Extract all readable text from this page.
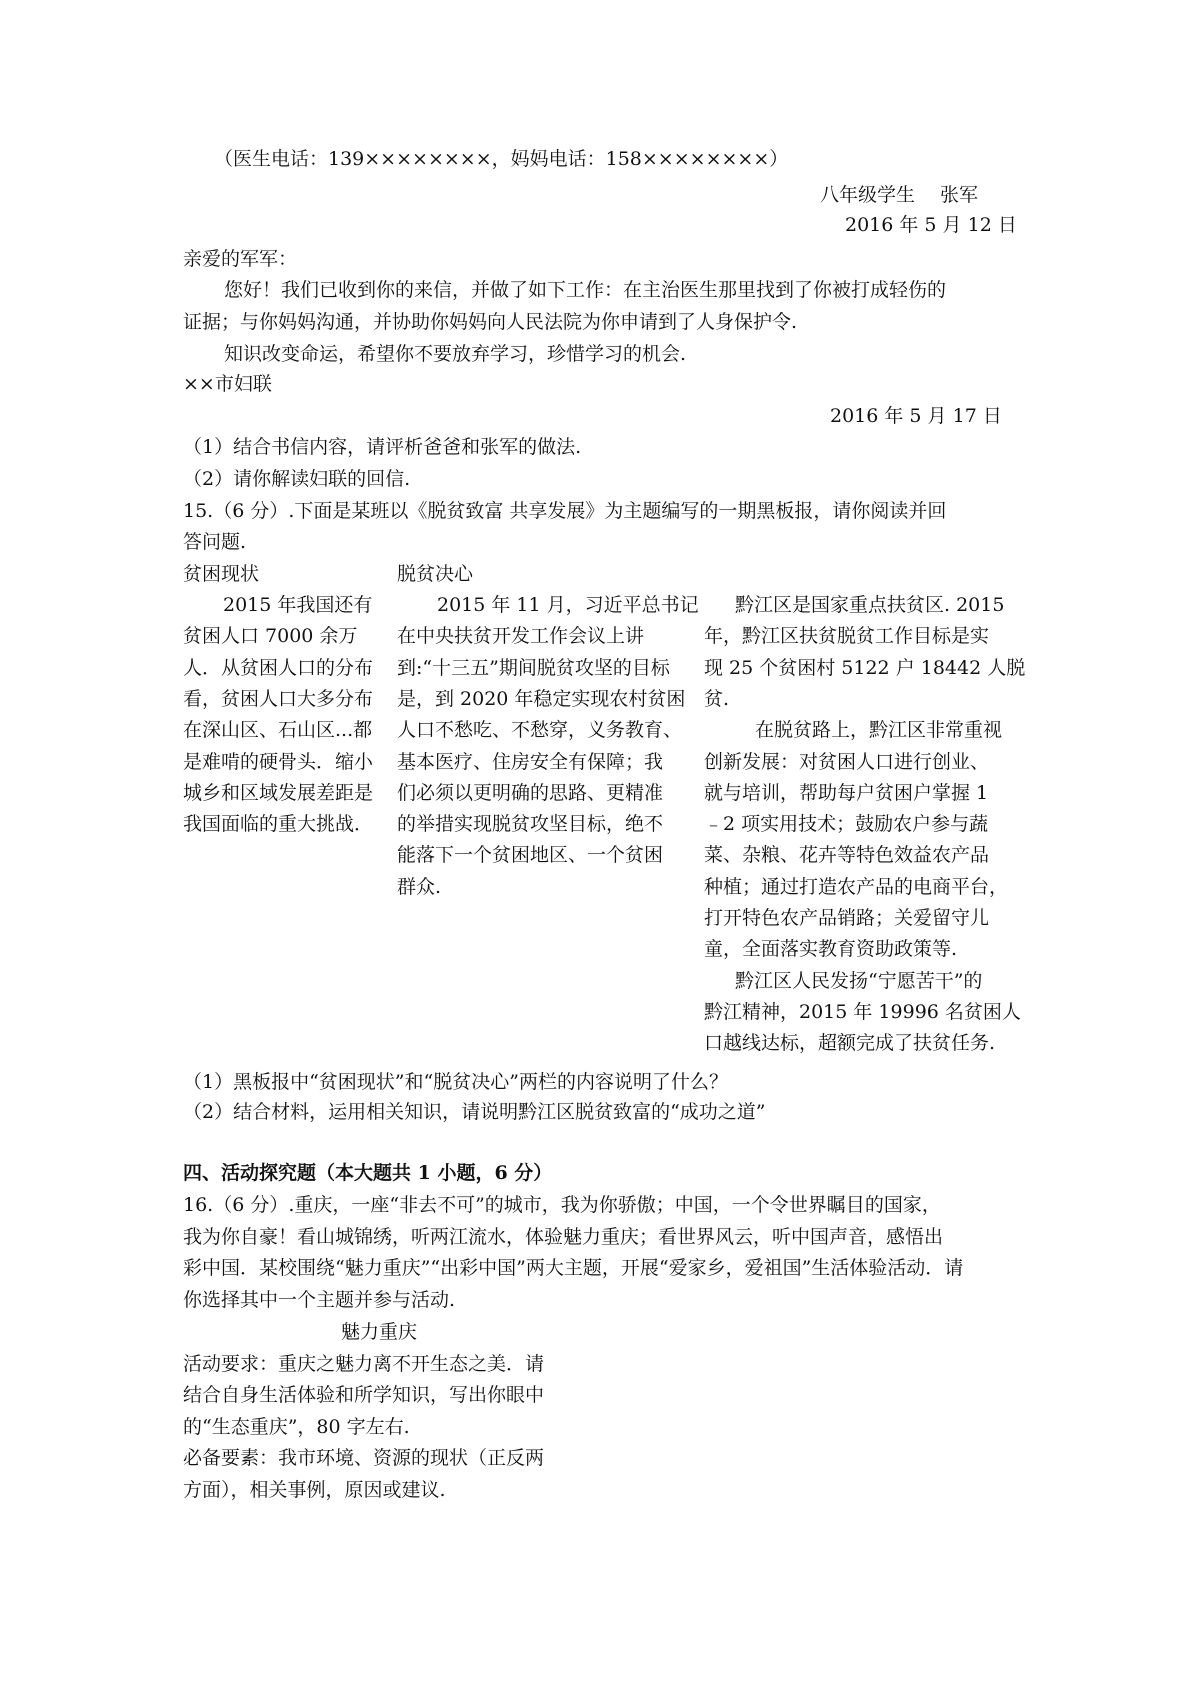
（医生电话：139××××××××，妈妈电话：158××××××××）
八年级学生　 张军
2016 年 5 月 12 日
亲爱的军军：
您好！我们已收到你的来信，并做了如下工作：在主治医生那里找到了你被打成轻伤的
证据；与你妈妈沟通，并协助你妈妈向人民法院为你申请到了人身保护令.
知识改变命运，希望你不要放弃学习，珍惜学习的机会.
××市妇联
2016 年 5 月 17 日
（1）结合书信内容，请评析爸爸和张军的做法.
（2）请你解读妇联的回信.
15.（6 分）.下面是某班以《脱贫致富 共享发展》为主题编写的一期黑板报，请你阅读并回
答问题.
贫困现状	脱贫决心
2015 年我国还有	2015 年 11 月，习近平总书记 黔江区是国家重点扶贫区. 2015
贫困人口 7000 余万 在中央扶贫开发工作会议上讲	年，黔江区扶贫脱贫工作目标是实
人．从贫困人口的分布 到:“十三五”期间脱贫攻坚的目标 现 25 个贫困村 5122 户 18442 人脱
看，贫困人口大多分布 是，到 2020 年稳定实现农村贫困 贫.
在深山区、石山区...都 人口不愁吃、不愁穿，义务教育、	在脱贫路上，黔江区非常重视
是难啃的硬骨头．缩小 基本医疗、住房安全有保障；我 创新发展：对贫困人口进行创业、
城乡和区域发展差距是 们必须以更明确的思路、更精准 就与培训，帮助每户贫困户掌握 1
我国面临的重大挑战． 的举措实现脱贫攻坚目标，绝不 ﹣2 项实用技术；鼓励农户参与蔬
能落下一个贫困地区、一个贫困 菜、杂粮、花卉等特色效益农产品
群众.	种植；通过打造农产品的电商平台，
打开特色农产品销路；关爱留守儿
童，全面落实教育资助政策等.
黔江区人民发扬“宁愿苦干”的
黔江精神，2015 年 19996 名贫困人
口越线达标，超额完成了扶贫任务.
（1）黑板报中“贫困现状”和“脱贫决心”两栏的内容说明了什么？
（2）结合材料，运用相关知识，请说明黔江区脱贫致富的“成功之道”
四、活动探究题（本大题共 1 小题，6 分）
16.（6 分）.重庆，一座“非去不可”的城市，我为你骄傲；中国，一个令世界瞩目的国家，
我为你自豪！看山城锦绣，听两江流水，体验魅力重庆；看世界风云，听中国声音，感悟出
彩中国．某校围绕“魅力重庆”“出彩中国”两大主题，开展“爱家乡，爱祖国”生活体验活动．请
你选择其中一个主题并参与活动.
魅力重庆
活动要求：重庆之魅力离不开生态之美．请
结合自身生活体验和所学知识，写出你眼中
的“生态重庆”，80 字左右.
必备要素：我市环境、资源的现状（正反两
方面），相关事例，原因或建议.
